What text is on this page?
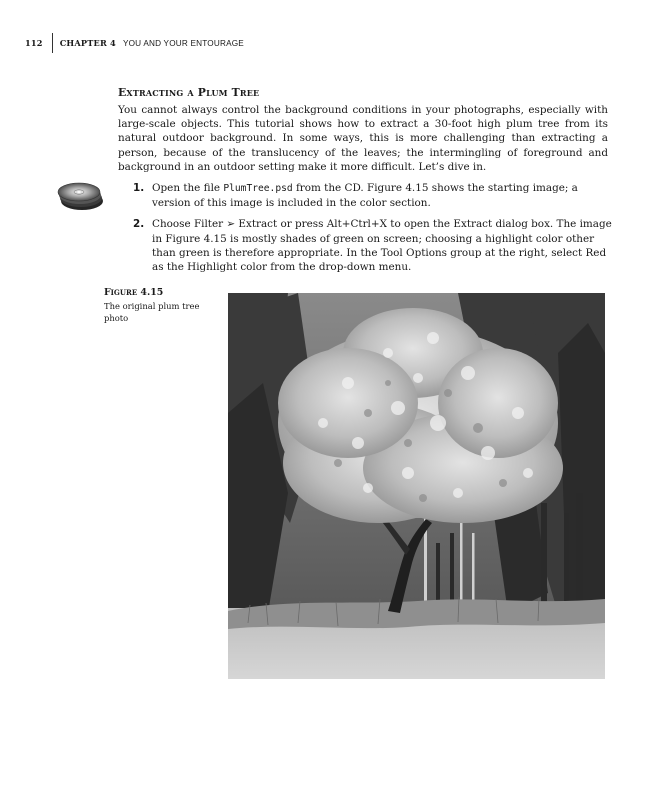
112	CHAPTER 4 YOU AND YOUR ENTOURAGE
Extracting a Plum Tree

You cannot always control the background conditions in your photographs, especially with large-scale objects. This tutorial shows how to extract a 30-foot high plum tree from its natural outdoor background. In some ways, this is more challenging than extracting a person, because of the translucency of the leaves; the intermingling of foreground and background in an outdoor setting make it more difficult. Let’s dive in.

1. Open the file PlumTree.psd from the CD. Figure 4.15 shows the starting image; a version of this image is included in the color section.
2. Choose Filter ➢ Extract or press Alt+Ctrl+X to open the Extract dialog box. The image in Figure 4.15 is mostly shades of green on screen; choosing a highlight color other than green is therefore appropriate. In the Tool Options group at the right, select Red as the Highlight color from the drop-down menu.

Figure 4.15

The original plum tree photo
